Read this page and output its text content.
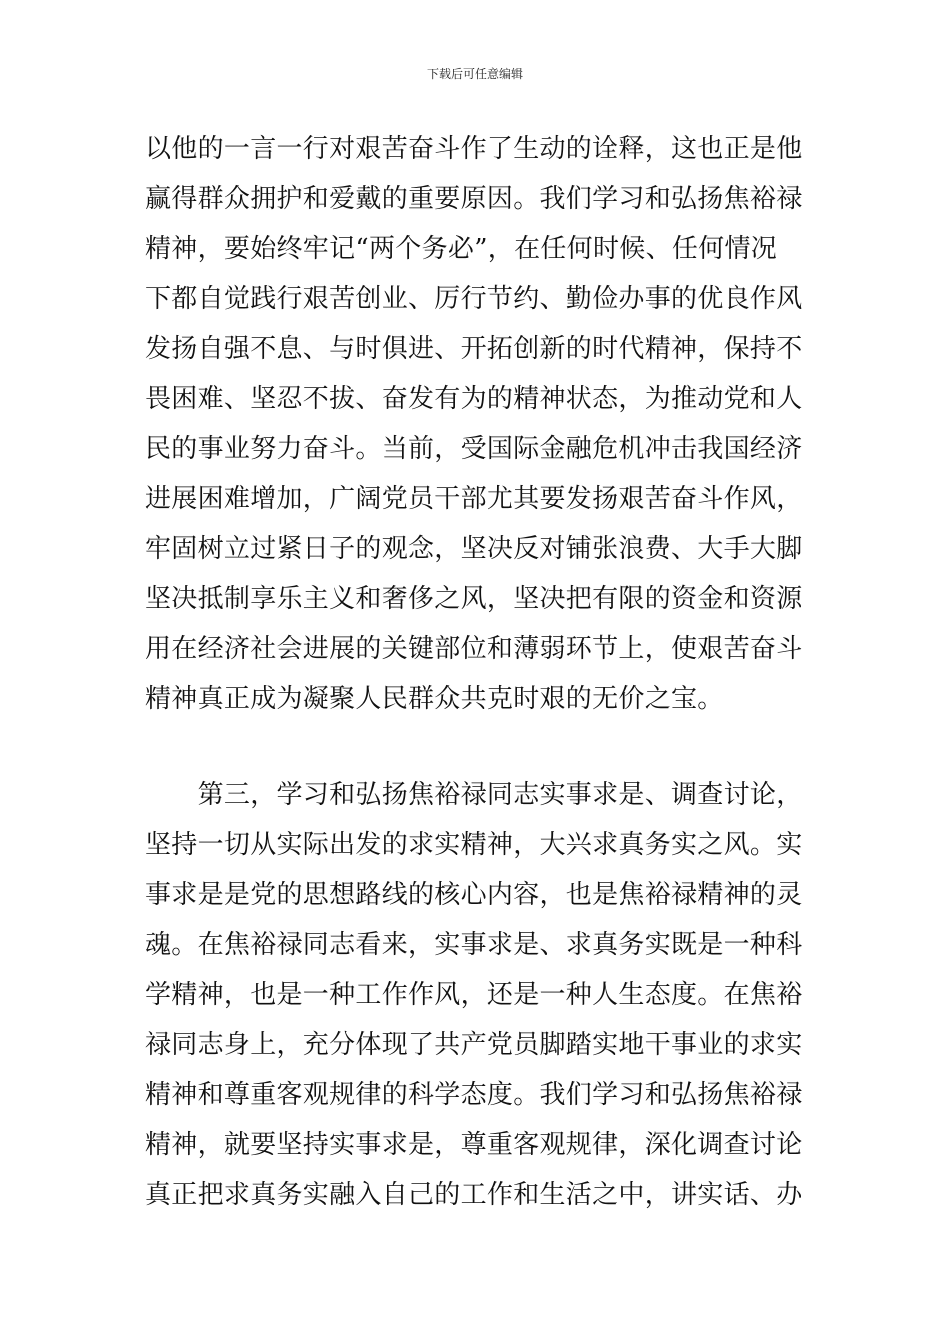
下载后可任意编辑
以他的一言一行对艰苦奋斗作了生动的诠释，这也正是他
赢得群众拥护和爱戴的重要原因。我们学习和弘扬焦裕禄
精神，要始终牢记“两个务必”，在任何时候、任何情况
下都自觉践行艰苦创业、厉行节约、勤俭办事的优良作风
发扬自强不息、与时俱进、开拓创新的时代精神，保持不
畏困难、坚忍不拔、奋发有为的精神状态，为推动党和人
民的事业努力奋斗。当前，受国际金融危机冲击我国经济
进展困难增加，广阔党员干部尤其要发扬艰苦奋斗作风，
牢固树立过紧日子的观念，坚决反对铺张浪费、大手大脚
坚决抵制享乐主义和奢侈之风，坚决把有限的资金和资源
用在经济社会进展的关键部位和薄弱环节上，使艰苦奋斗
精神真正成为凝聚人民群众共克时艰的无价之宝。
　　第三，学习和弘扬焦裕禄同志实事求是、调查讨论，
坚持一切从实际出发的求实精神，大兴求真务实之风。实
事求是是党的思想路线的核心内容，也是焦裕禄精神的灵
魂。在焦裕禄同志看来，实事求是、求真务实既是一种科
学精神，也是一种工作作风，还是一种人生态度。在焦裕
禄同志身上，充分体现了共产党员脚踏实地干事业的求实
精神和尊重客观规律的科学态度。我们学习和弘扬焦裕禄
精神，就要坚持实事求是，尊重客观规律，深化调查讨论
真正把求真务实融入自己的工作和生活之中，讲实话、办
